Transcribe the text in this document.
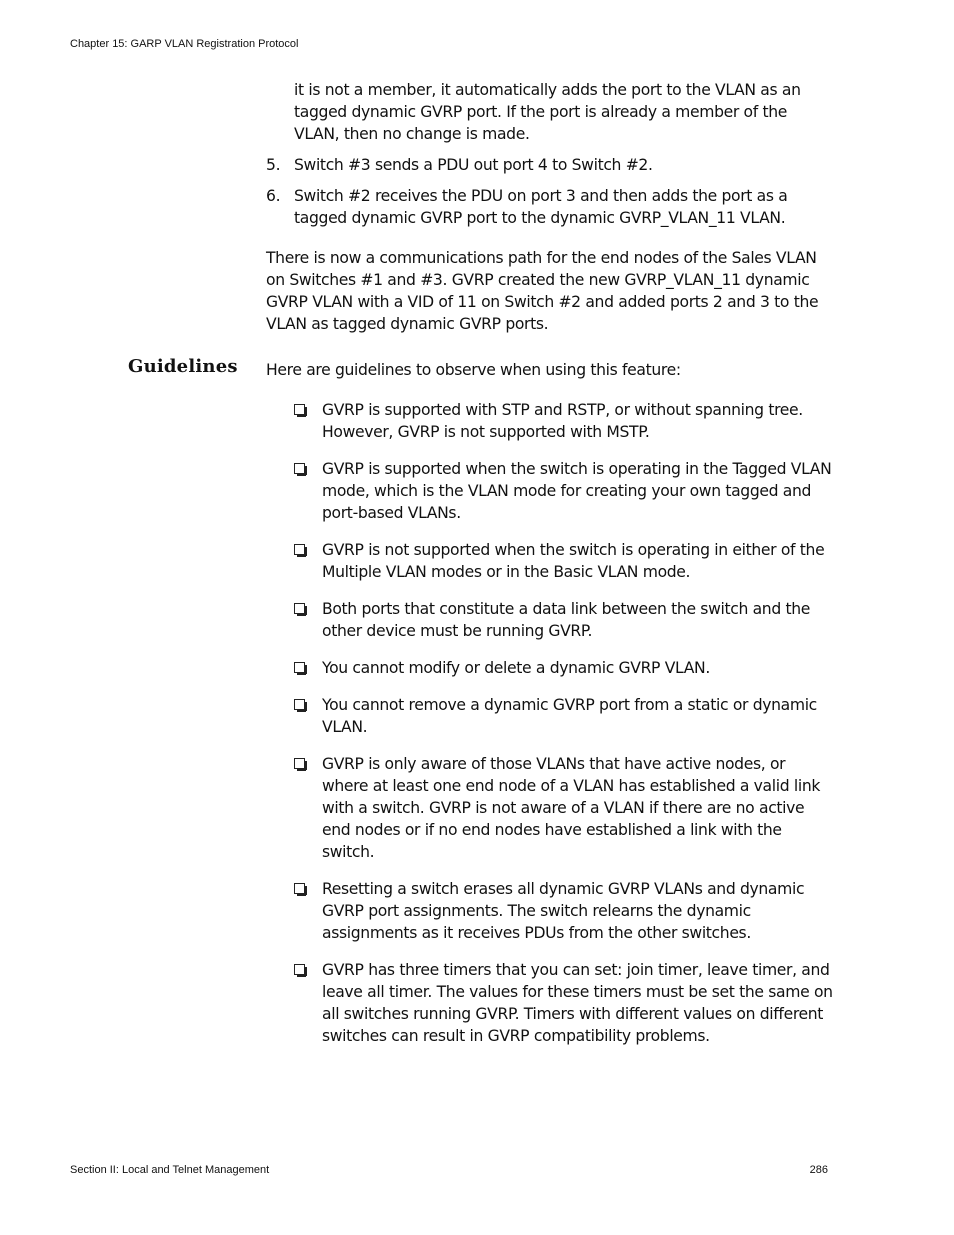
Chapter 15: GARP VLAN Registration Protocol
it is not a member, it automatically adds the port to the VLAN as an tagged dynamic GVRP port. If the port is already a member of the VLAN, then no change is made.
5. Switch #3 sends a PDU out port 4 to Switch #2.
6. Switch #2 receives the PDU on port 3 and then adds the port as a tagged dynamic GVRP port to the dynamic GVRP_VLAN_11 VLAN.
There is now a communications path for the end nodes of the Sales VLAN on Switches #1 and #3. GVRP created the new GVRP_VLAN_11 dynamic GVRP VLAN with a VID of 11 on Switch #2 and added ports 2 and 3 to the VLAN as tagged dynamic GVRP ports.
Guidelines Here are guidelines to observe when using this feature:
GVRP is supported with STP and RSTP, or without spanning tree. However, GVRP is not supported with MSTP.
GVRP is supported when the switch is operating in the Tagged VLAN mode, which is the VLAN mode for creating your own tagged and port-based VLANs.
GVRP is not supported when the switch is operating in either of the Multiple VLAN modes or in the Basic VLAN mode.
Both ports that constitute a data link between the switch and the other device must be running GVRP.
You cannot modify or delete a dynamic GVRP VLAN.
You cannot remove a dynamic GVRP port from a static or dynamic VLAN.
GVRP is only aware of those VLANs that have active nodes, or where at least one end node of a VLAN has established a valid link with a switch. GVRP is not aware of a VLAN if there are no active end nodes or if no end nodes have established a link with the switch.
Resetting a switch erases all dynamic GVRP VLANs and dynamic GVRP port assignments. The switch relearns the dynamic assignments as it receives PDUs from the other switches.
GVRP has three timers that you can set: join timer, leave timer, and leave all timer. The values for these timers must be set the same on all switches running GVRP. Timers with different values on different switches can result in GVRP compatibility problems.
Section II: Local and Telnet Management	286
